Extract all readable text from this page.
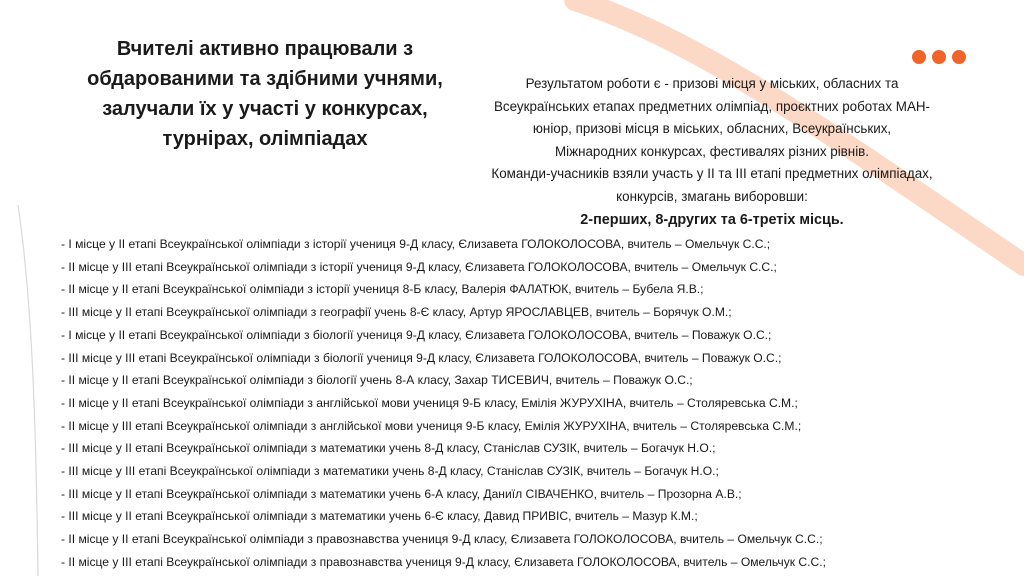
Вчителі активно працювали з
обдарованими та здібними учнями,
залучали їх у участі у конкурсах,
турнірах, олімпіадах
Результатом роботи є - призові місця у міських, обласних та
Всеукраїнських етапах предметних олімпіад, проєктних роботах МАН-
юніор, призові місця в міських, обласних, Всеукраїнських,
Міжнародних конкурсах, фестивалях різних рівнів.
Команди-учасників взяли участь у ІІ та ІІІ етапі предметних олімпіадах,
конкурсів, змагань виборовши:
2-перших, 8-других та 6-третіх місць.
- І місце у ІІ етапі Всеукраїнської олімпіади з історії учениця 9-Д класу, Єлизавета ГОЛОКОЛОСОВА, вчитель – Омельчук С.С.;
- ІІ місце у ІІІ етапі Всеукраїнської олімпіади з історії учениця 9-Д класу, Єлизавета ГОЛОКОЛОСОВА, вчитель – Омельчук С.С.;
- ІІ місце у ІІ етапі Всеукраїнської олімпіади з історії учениця 8-Б класу, Валерія ФАЛАТЮК, вчитель – Бубела Я.В.;
- ІІІ місце у ІІ етапі Всеукраїнської олімпіади з географії учень 8-Є класу, Артур ЯРОСЛАВЦЕВ, вчитель – Борячук О.М.;
- І місце у ІІ етапі Всеукраїнської олімпіади з біології учениця 9-Д класу, Єлизавета ГОЛОКОЛОСОВА, вчитель – Поважук О.С.;
- ІІІ місце у ІІІ етапі Всеукраїнської олімпіади з біології учениця 9-Д класу, Єлизавета ГОЛОКОЛОСОВА, вчитель – Поважук О.С.;
- ІІ місце у ІІ етапі Всеукраїнської олімпіади з біології учень 8-А класу, Захар ТИСЕВИЧ, вчитель – Поважук О.С.;
- ІІ місце у ІІ етапі Всеукраїнської олімпіади з англійської мови учениця 9-Б класу, Емілія ЖУРУХІНА, вчитель – Столяревська С.М.;
- ІІ місце у ІІІ етапі Всеукраїнської олімпіади з англійської мови учениця 9-Б класу, Емілія ЖУРУХІНА, вчитель – Столяревська С.М.;
- ІІІ місце у ІІ етапі Всеукраїнської олімпіади з математики учень 8-Д класу, Станіслав СУЗІК, вчитель – Богачук Н.О.;
- ІІІ місце у ІІІ етапі Всеукраїнської олімпіади з математики учень 8-Д класу, Станіслав СУЗІК, вчитель – Богачук Н.О.;
- ІІІ місце у ІІ етапі Всеукраїнської олімпіади з математики учень 6-А класу, Даниїл СІВАЧЕНКО, вчитель – Прозорна А.В.;
- ІІІ місце у ІІ етапі Всеукраїнської олімпіади з математики учень 6-Є класу, Давид ПРИВІС, вчитель – Мазур К.М.;
- ІІ місце у ІІ етапі Всеукраїнської олімпіади з правознавства учениця 9-Д класу, Єлизавета ГОЛОКОЛОСОВА, вчитель – Омельчук С.С.;
- ІІ місце у ІІІ етапі Всеукраїнської олімпіади з правознавства учениця 9-Д класу, Єлизавета ГОЛОКОЛОСОВА, вчитель – Омельчук С.С.;
